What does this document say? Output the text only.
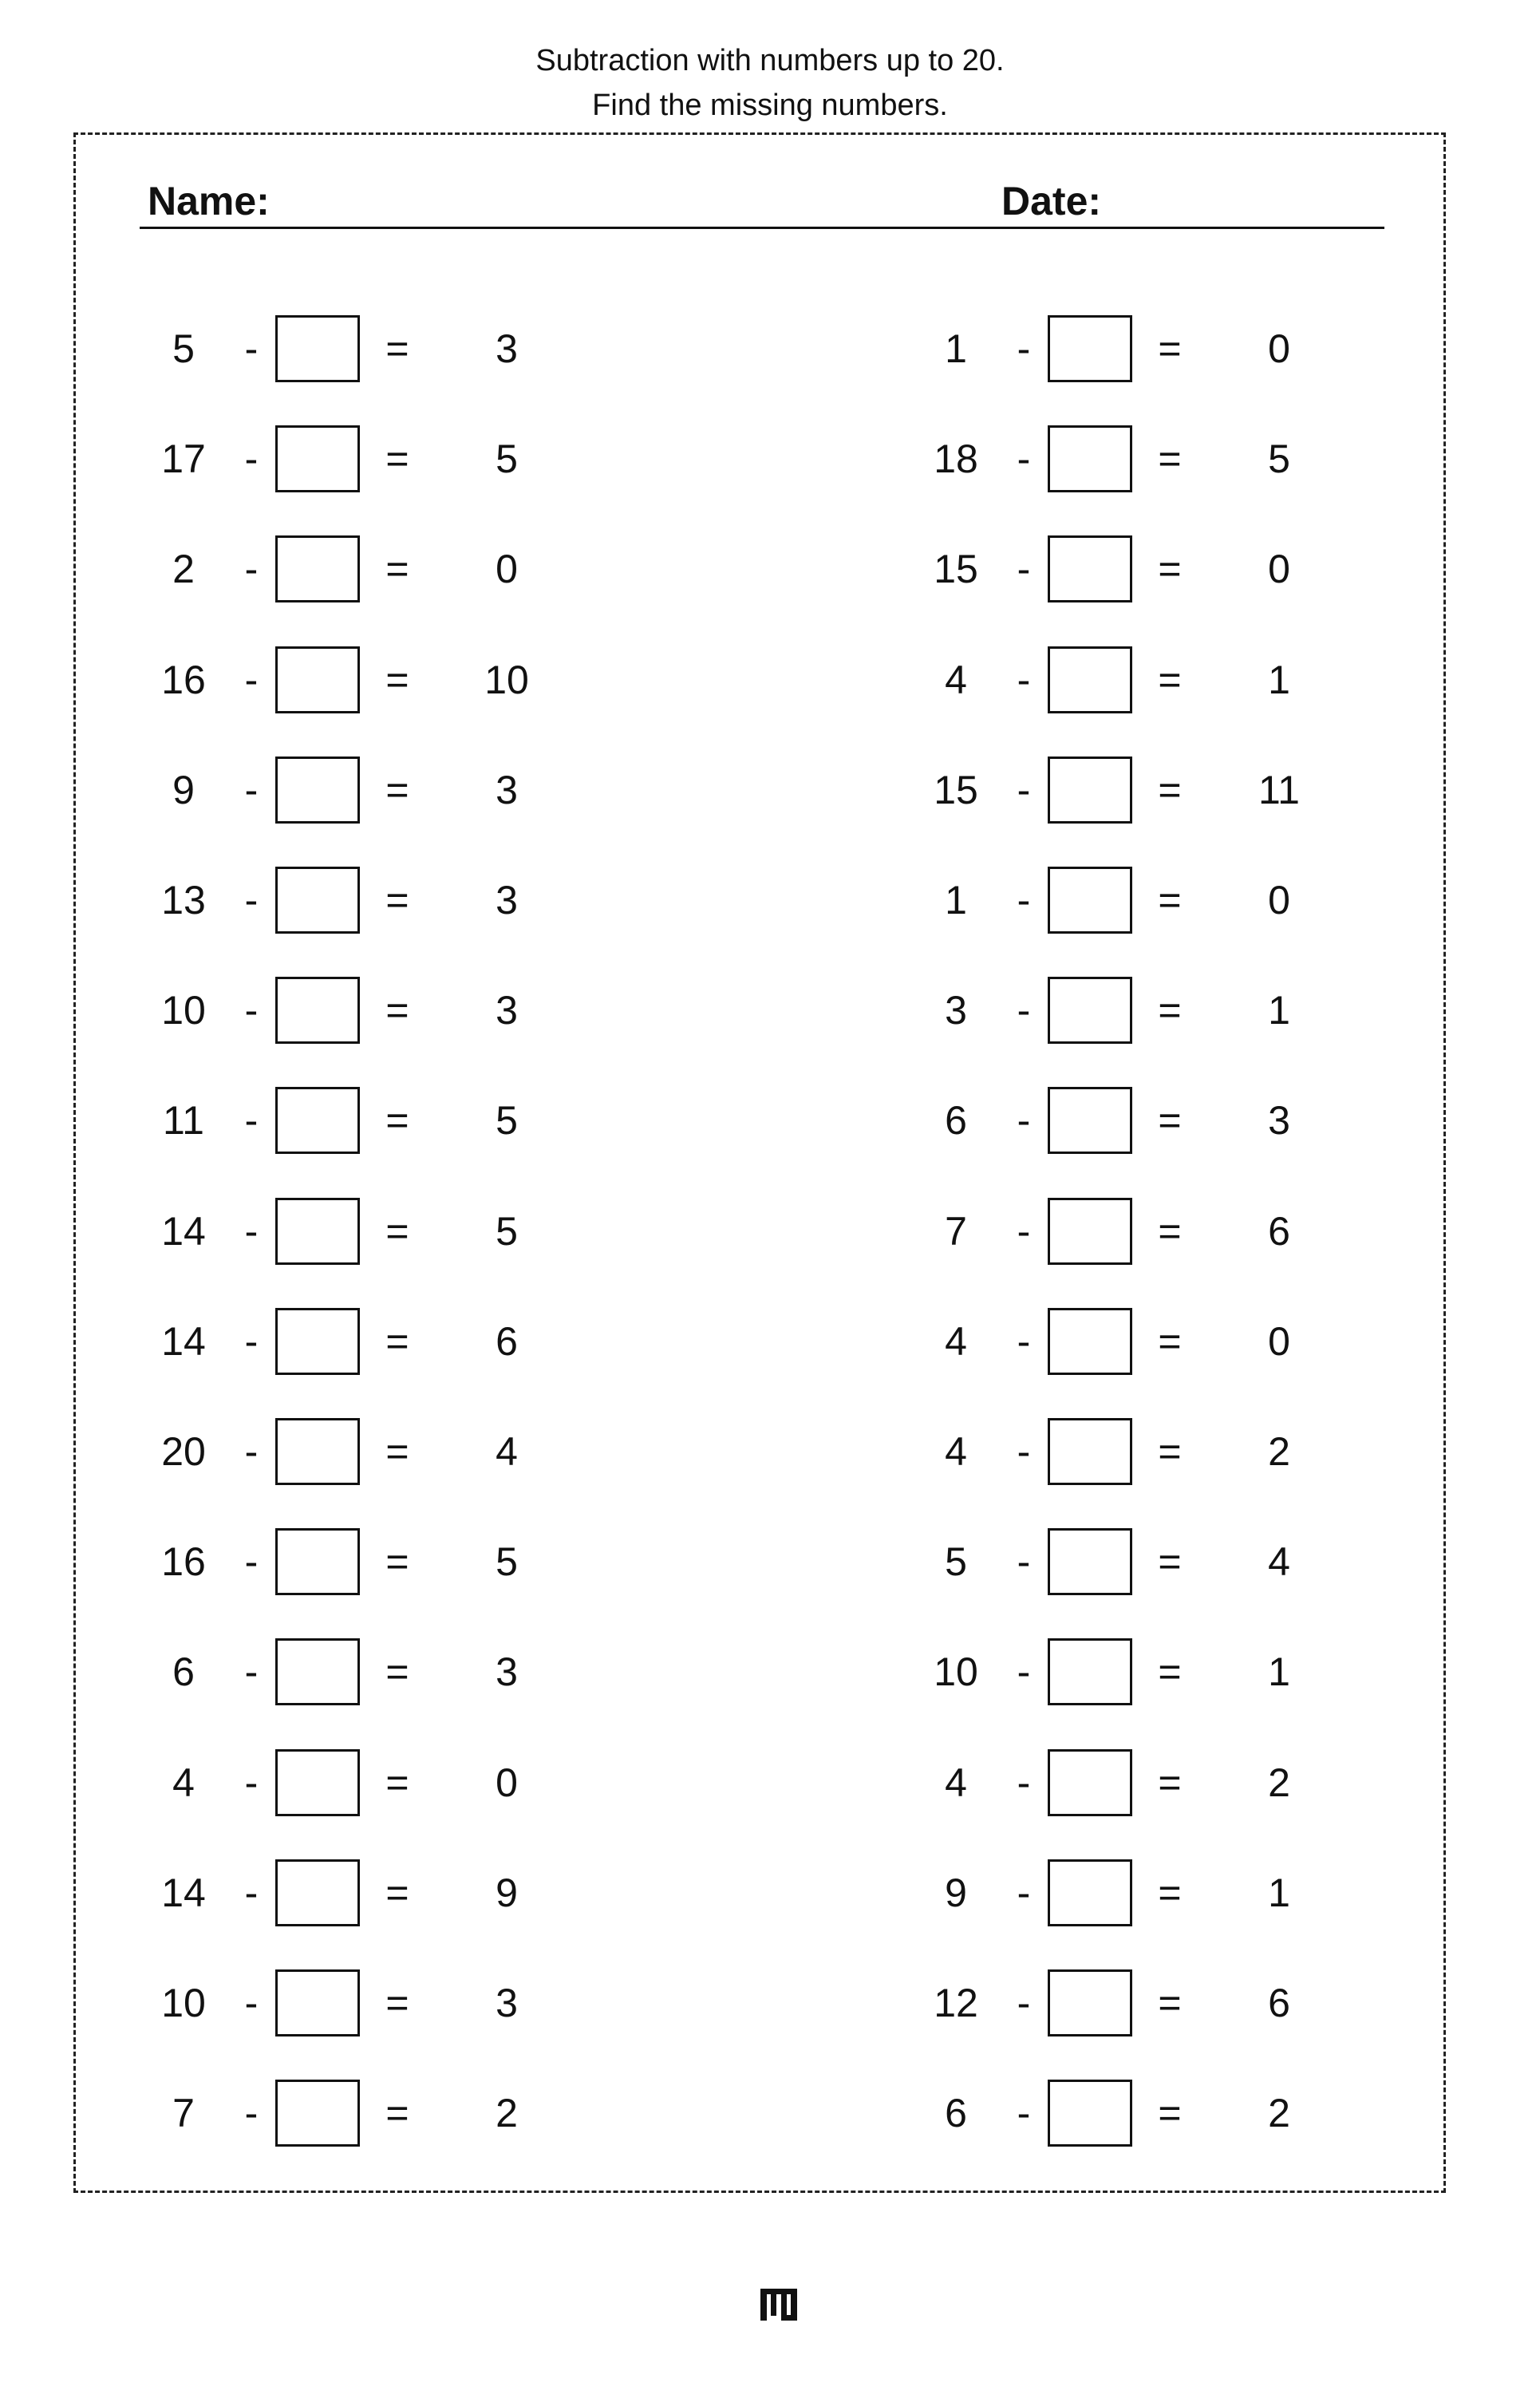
Subtraction with numbers up to 20.
Find the missing numbers.
Name:	Date:
5	-	=	3
17 -	=	5
2	-	=	0
16 -	=	10
9	-	=	3
13 -	=	3
10 -	=	3
11	-	=	5
14 -	=	5
14 -	=	6
20 -	=	4
16 -	=	5
6	-	=	3
4	-	=	0
14 -	=	9
10 -	=	3
7	-	=	2
1	-	=	0
18 -	=	5
15 -	=	0
4	-	=	1
15 -	=	11
1	-	=	0
3	-	=	1
6	-	=	3
7	-	=	6
4	-	=	0
4	-	=	2
5	-	=	4
10 -	=	1
4	-	=	2
9	-	=	1
12 -	=	6
6	-	=	2
